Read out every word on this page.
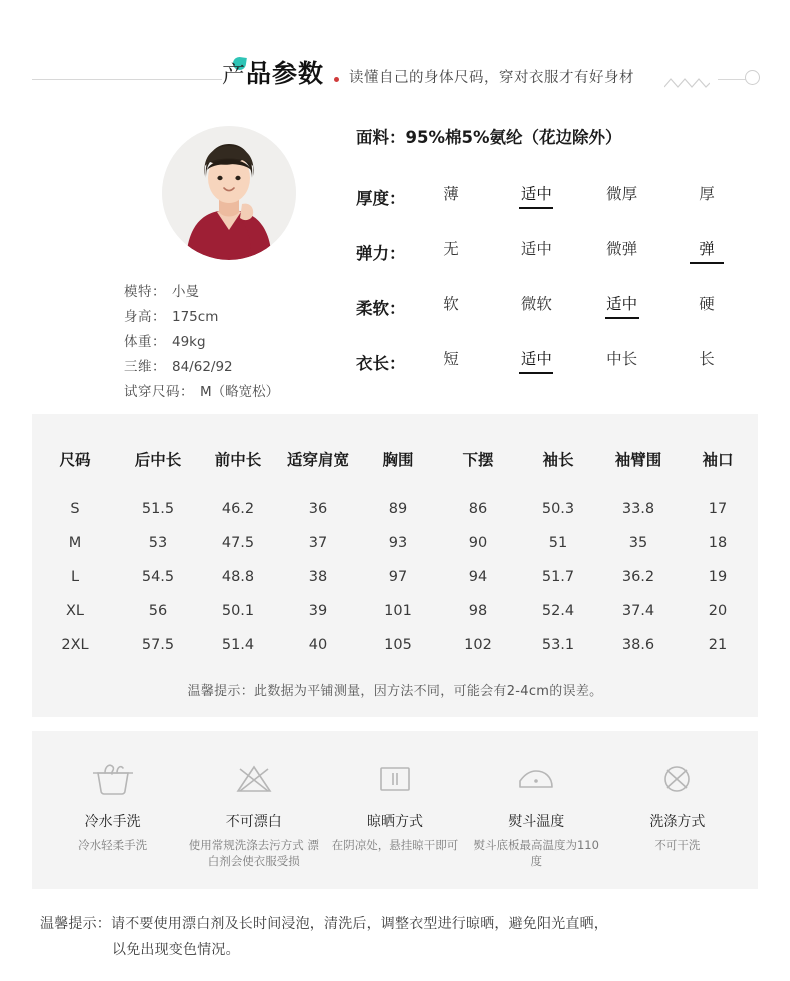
产 品参数 读懂自己的身体尺码，穿对衣服才有好身材
模特： 小曼
身高： 175cm
体重： 49kg
三维： 84/62/92
试穿尺码： M（略宽松）
面料：95%棉5%氨纶（花边除外）
厚度：	薄	适中	微厚	厚
弹力：	无	适中	微弹	弹
柔软：	软	微软	适中	硬
衣长：	短	适中	中长	长
尺码	后中长	前中长	适穿肩宽	胸围	下摆	袖长	袖臂围	袖口
S	51.5	46.2	36	89	86	50.3	33.8	17
M	53	47.5	37	93	90	51	35	18
L	54.5	48.8	38	97	94	51.7	36.2	19
XL	56	50.1	39	101	98	52.4	37.4	20
2XL	57.5	51.4	40	105	102	53.1	38.6	21
温馨提示：此数据为平铺测量，因方法不同，可能会有2-4cm的误差。
冷水手洗
冷水轻柔手洗
不可漂白
使用常规洗涤去污方式 漂白剂会使衣服受损
晾晒方式
在阴凉处，悬挂晾干即可
熨斗温度
熨斗底板最高温度为110度
洗涤方式
不可干洗
温馨提示：请不要使用漂白剂及长时间浸泡，清洗后，调整衣型进行晾晒，避免阳光直晒，
以免出现变色情况。
